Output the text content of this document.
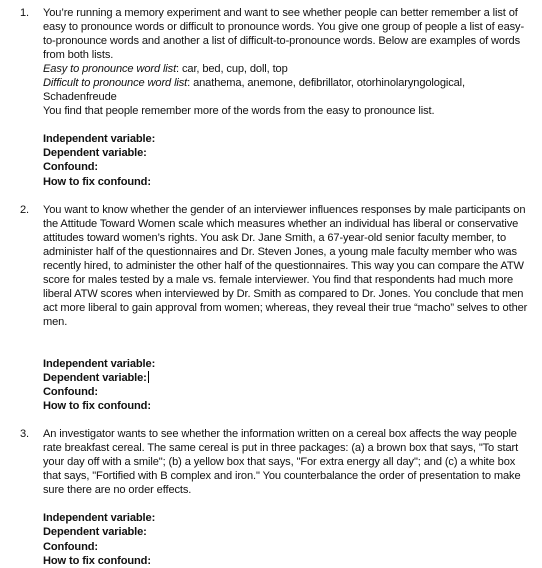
1. You’re running a memory experiment and want to see whether people can better remember a list of easy to pronounce words or difficult to pronounce words. You give one group of people a list of easy-to-pronounce words and another a list of difficult-to-pronounce words. Below are examples of words from both lists.
Easy to pronounce word list: car, bed, cup, doll, top
Difficult to pronounce word list: anathema, anemone, defibrillator, otorhinolaryngological, Schadenfreude
You find that people remember more of the words from the easy to pronounce list.

Independent variable:
Dependent variable:
Confound:
How to fix confound:
2. You want to know whether the gender of an interviewer influences responses by male participants on the Attitude Toward Women scale which measures whether an individual has liberal or conservative attitudes toward women’s rights. You ask Dr. Jane Smith, a 67-year-old senior faculty member, to administer half of the questionnaires and Dr. Steven Jones, a young male faculty member who was recently hired, to administer the other half of the questionnaires. This way you can compare the ATW score for males tested by a male vs. female interviewer. You find that respondents had much more liberal ATW scores when interviewed by Dr. Smith as compared to Dr. Jones. You conclude that men act more liberal to gain approval from women; whereas, they reveal their true “macho” selves to other men.

Independent variable:
Dependent variable:
Confound:
How to fix confound:
3. An investigator wants to see whether the information written on a cereal box affects the way people rate breakfast cereal. The same cereal is put in three packages: (a) a brown box that says, "To start your day off with a smile"; (b) a yellow box that says, "For extra energy all day"; and (c) a white box that says, "Fortified with B complex and iron." You counterbalance the order of presentation to make sure there are no order effects.

Independent variable:
Dependent variable:
Confound:
How to fix confound:
